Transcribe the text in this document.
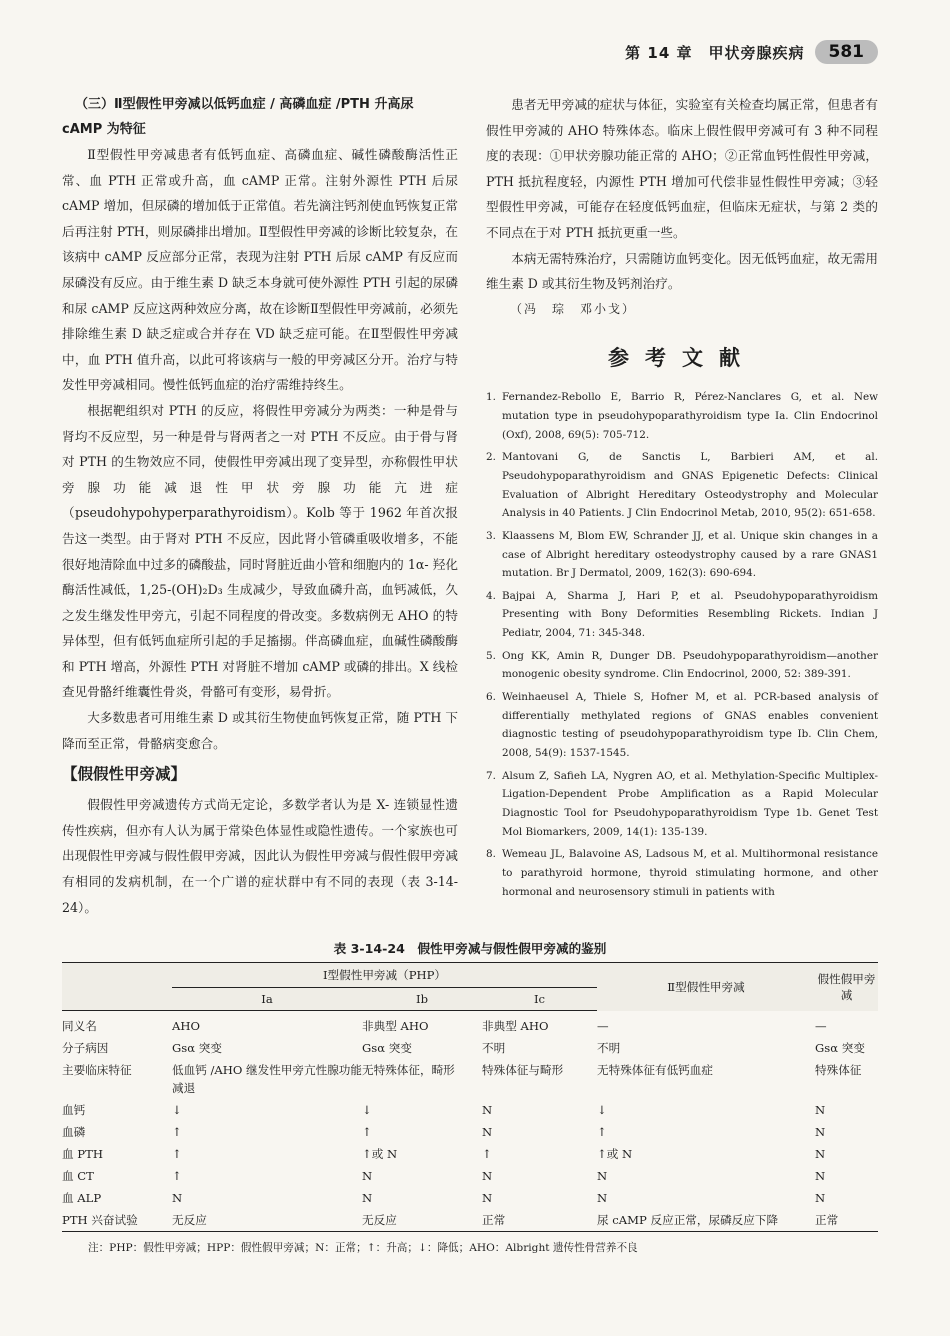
第 14 章　甲状旁腺疾病	581
（三）Ⅱ型假性甲旁减以低钙血症 / 高磷血症 /PTH 升高尿 cAMP 为特征

Ⅱ型假性甲旁减患者有低钙血症、高磷血症、碱性磷酸酶活性正常、血 PTH 正常或升高，血 cAMP 正常。注射外源性 PTH 后尿 cAMP 增加，但尿磷的增加低于正常值。若先滴注钙剂使血钙恢复正常后再注射 PTH，则尿磷排出增加。Ⅱ型假性甲旁减的诊断比较复杂，在该病中 cAMP 反应部分正常，表现为注射 PTH 后尿 cAMP 有反应而尿磷没有反应。由于维生素 D 缺乏本身就可使外源性 PTH 引起的尿磷和尿 cAMP 反应这两种效应分离，故在诊断Ⅱ型假性甲旁减前，必须先排除维生素 D 缺乏症或合并存在 VD 缺乏症可能。在Ⅱ型假性甲旁减中，血 PTH 值升高，以此可将该病与一般的甲旁减区分开。治疗与特发性甲旁减相同。慢性低钙血症的治疗需维持终生。

根据靶组织对 PTH 的反应，将假性甲旁减分为两类：一种是骨与肾均不反应型，另一种是骨与肾两者之一对 PTH 不反应。由于骨与肾对 PTH 的生物效应不同，使假性甲旁减出现了变异型，亦称假性甲状旁腺功能减退性甲状旁腺功能亢进症（pseudohypohyperparathyroidism）。Kolb 等于 1962 年首次报告这一类型。由于肾对 PTH 不反应，因此肾小管磷重吸收增多，不能很好地清除血中过多的磷酸盐，同时肾脏近曲小管和细胞内的 1α- 羟化酶活性减低，1,25-(OH)₂D₃ 生成减少，导致血磷升高，血钙减低，久之发生继发性甲旁亢，引起不同程度的骨改变。多数病例无 AHO 的特异体型，但有低钙血症所引起的手足搐搦。伴高磷血症，血碱性磷酸酶和 PTH 增高，外源性 PTH 对肾脏不增加 cAMP 或磷的排出。X 线检查见骨骼纤维囊性骨炎，骨骼可有变形，易骨折。

大多数患者可用维生素 D 或其衍生物使血钙恢复正常，随 PTH 下降而至正常，骨骼病变愈合。

【假假性甲旁减】

假假性甲旁减遗传方式尚无定论，多数学者认为是 X- 连锁显性遗传性疾病，但亦有人认为属于常染色体显性或隐性遗传。一个家族也可出现假性甲旁减与假性假甲旁减，因此认为假性甲旁减与假性假甲旁减有相同的发病机制，在一个广谱的症状群中有不同的表现（表 3-14-24）。

患者无甲旁减的症状与体征，实验室有关检查均属正常，但患者有假性甲旁减的 AHO 特殊体态。临床上假性假甲旁减可有 3 种不同程度的表现：①甲状旁腺功能正常的 AHO；②正常血钙性假性甲旁减，PTH 抵抗程度轻，内源性 PTH 增加可代偿非显性假性甲旁减；③轻型假性甲旁减，可能存在轻度低钙血症，但临床无症状，与第 2 类的不同点在于对 PTH 抵抗更重一些。

本病无需特殊治疗，只需随访血钙变化。因无低钙血症，故无需用维生素 D 或其衍生物及钙剂治疗。

（冯　琮　邓小戈）

参考文献
1. Fernandez-Rebollo E, Barrio R, Pérez-Nanclares G, et al. New mutation type in pseudohypoparathyroidism type Ia. Clin Endocrinol (Oxf), 2008, 69(5): 705-712.
2. Mantovani G, de Sanctis L, Barbieri AM, et al. Pseudohypoparathyroidism and GNAS Epigenetic Defects: Clinical Evaluation of Albright Hereditary Osteodystrophy and Molecular Analysis in 40 Patients. J Clin Endocrinol Metab, 2010, 95(2): 651-658.
3. Klaassens M, Blom EW, Schrander JJ, et al. Unique skin changes in a case of Albright hereditary osteodystrophy caused by a rare GNAS1 mutation. Br J Dermatol, 2009, 162(3): 690-694.
4. Bajpai A, Sharma J, Hari P, et al. Pseudohypoparathyroidism Presenting with Bony Deformities Resembling Rickets. Indian J Pediatr, 2004, 71: 345-348.
5. Ong KK, Amin R, Dunger DB. Pseudohypoparathyroidism—another monogenic obesity syndrome. Clin Endocrinol, 2000, 52: 389-391.
6. Weinhaeusel A, Thiele S, Hofner M, et al. PCR-based analysis of differentially methylated regions of GNAS enables convenient diagnostic testing of pseudohypoparathyroidism type Ib. Clin Chem, 2008, 54(9): 1537-1545.
7. Alsum Z, Safieh LA, Nygren AO, et al. Methylation-Specific Multiplex-Ligation-Dependent Probe Amplification as a Rapid Molecular Diagnostic Tool for Pseudohypoparathyroidism Type 1b. Genet Test Mol Biomarkers, 2009, 14(1): 135-139.
8. Wemeau JL, Balavoine AS, Ladsous M, et al. Multihormonal resistance to parathyroid hormone, thyroid stimulating hormone, and other hormonal and neurosensory stimuli in patients with
表 3-14-24　假性甲旁减与假性假甲旁减的鉴别
	Ⅰ型假性甲旁减（PHP）			Ⅱ型假性甲旁减	假性假甲旁减
	Ⅰa	Ⅰb	Ⅰc		
同义名	AHO	非典型 AHO	非典型 AHO	—	—
分子病因	Gsα 突变	Gsα 突变	不明	不明	Gsα 突变
主要临床特征	低血钙 /AHO 继发性甲旁亢性腺功能减退	无特殊体征，畸形	特殊体征与畸形	无特殊体征有低钙血症	特殊体征
血钙	↓	↓	N	↓	N
血磷	↑	↑	N	↑	N
血 PTH	↑	↑或 N	↑	↑或 N	N
血 CT	↑	N	N	N	N
血 ALP	N	N	N	N	N
PTH 兴奋试验	无反应	无反应	正常	尿 cAMP 反应正常，尿磷反应下降	正常
注：PHP：假性甲旁减；HPP：假性假甲旁减；N：正常；↑：升高；↓：降低；AHO：Albright 遗传性骨营养不良
